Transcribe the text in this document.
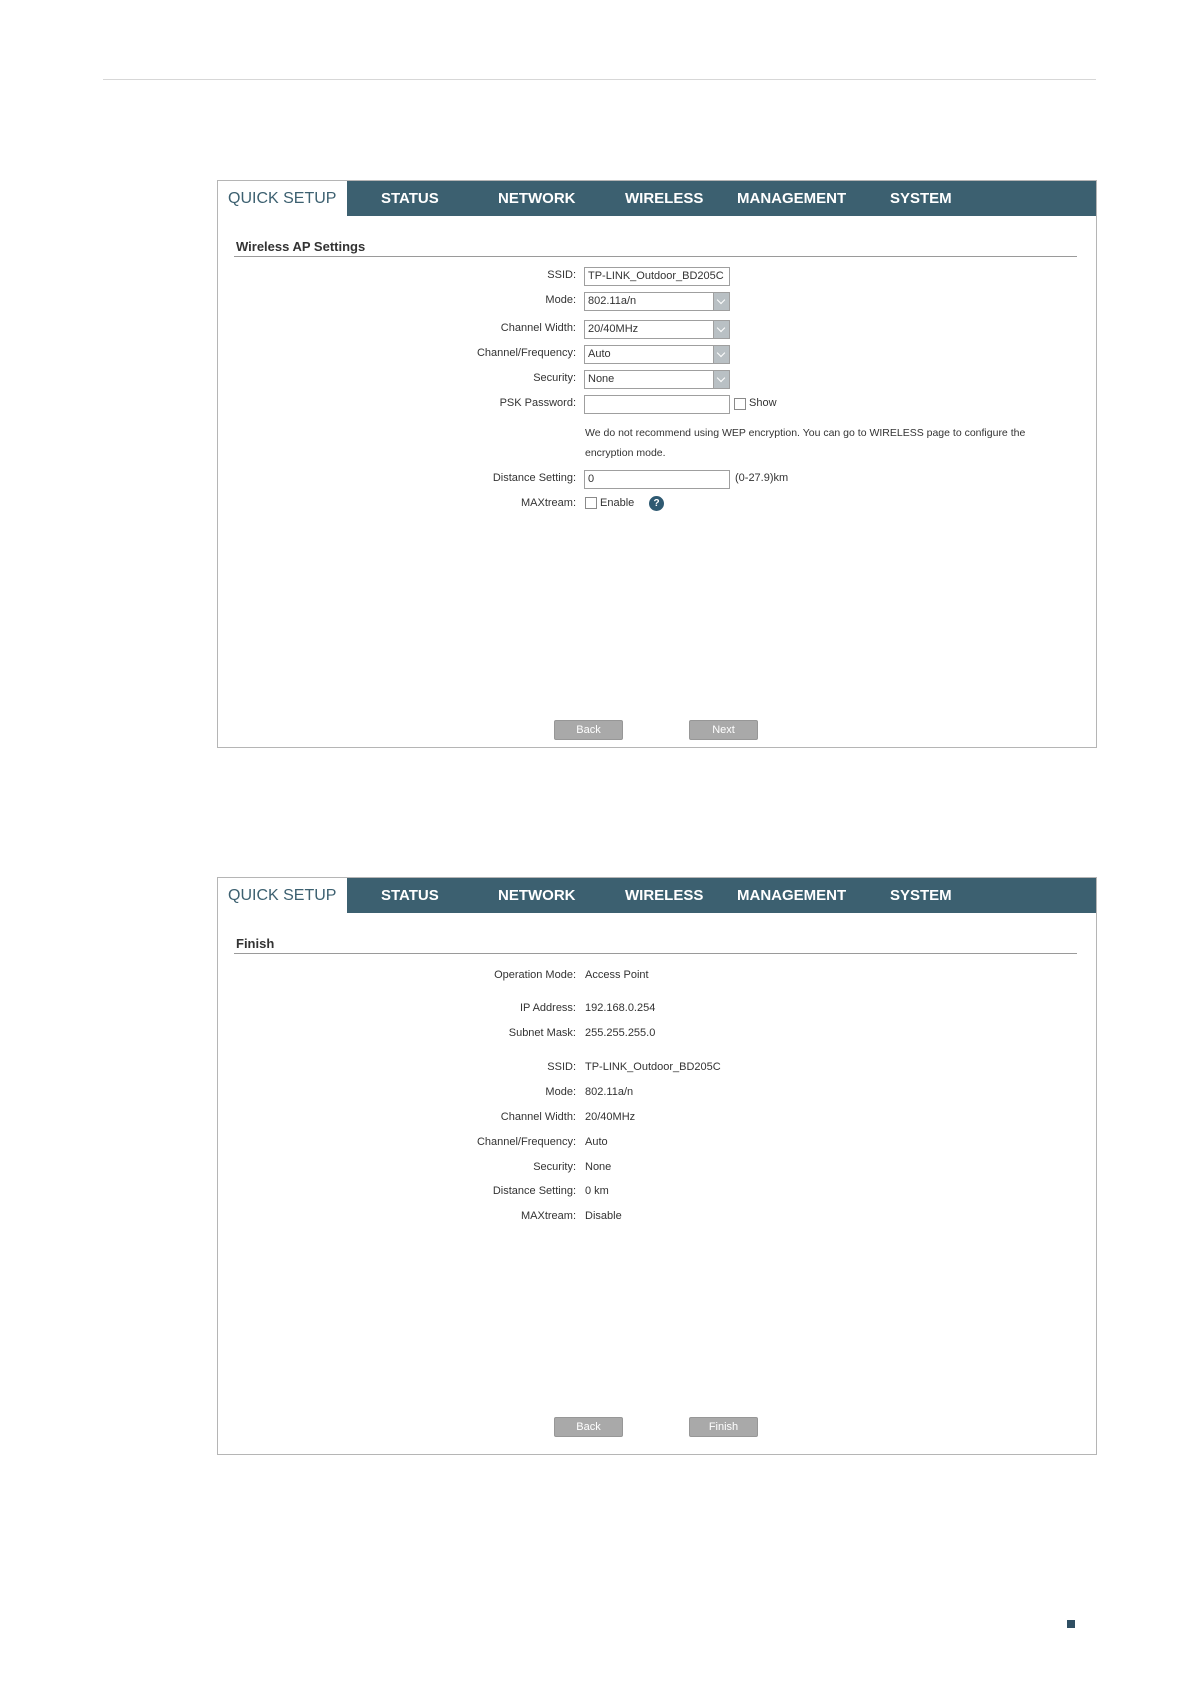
QUICK SETUP	STATUS	NETWORK	WIRELESS MANAGEMENT	SYSTEM
Wireless AP Settings
SSID:	TP-LINK_Outdoor_BD205C
Mode:	802.11a/n
Channel Width:	20/40MHz
Channel/Frequency:	Auto
Security:	None
PSK Password:	Show
We do not recommend using WEP encryption. You can go to WIRELESS page to configure the encryption mode.
Distance Setting:	0	(0-27.9)km
MAXtream: Enable	?
Back	Next
QUICK SETUP	STATUS	NETWORK	WIRELESS MANAGEMENT	SYSTEM
Finish
Operation Mode: Access Point
IP Address: 192.168.0.254
Subnet Mask: 255.255.255.0
SSID: TP-LINK_Outdoor_BD205C
Mode: 802.11a/n
Channel Width: 20/40MHz
Channel/Frequency: Auto
Security: None
Distance Setting: 0 km
MAXtream: Disable
Back	Finish
